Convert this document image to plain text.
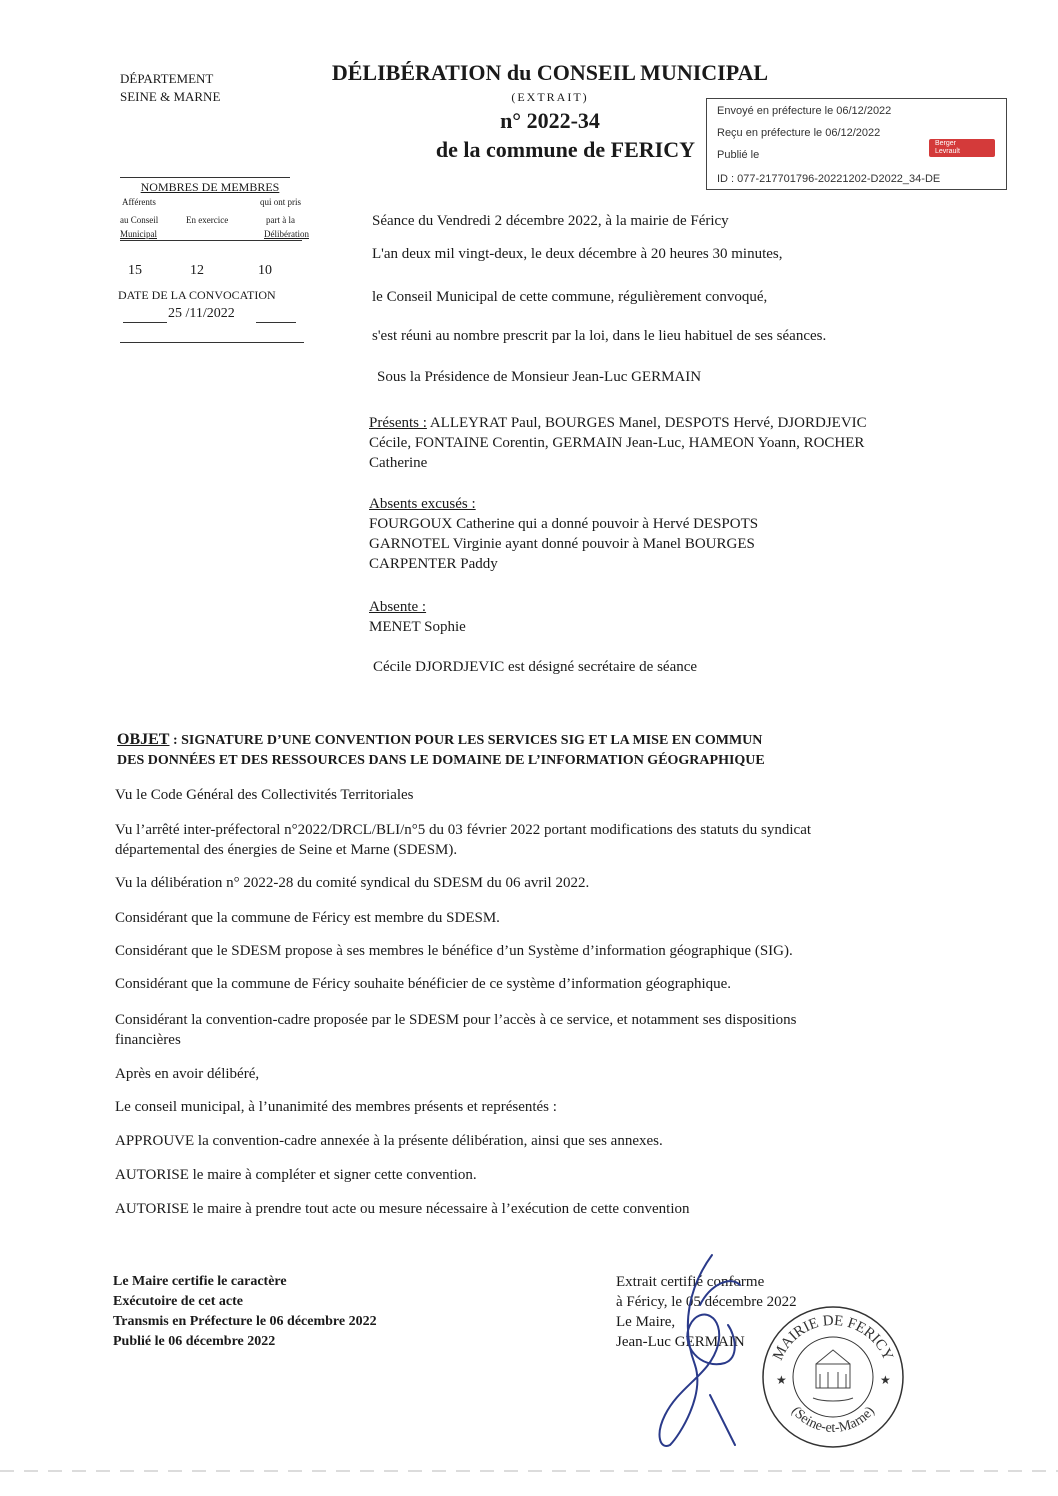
DÉPARTEMENT
SEINE & MARNE
DÉLIBÉRATION du CONSEIL MUNICIPAL
(EXTRAIT)
n° 2022-34
de la commune de FERICY
Envoyé en préfecture le 06/12/2022
Reçu en préfecture le 06/12/2022
Publié le
ID : 077-217701796-20221202-D2022_34-DE
Berger
Levrault
NOMBRES DE MEMBRES
Afférents
au Conseil
Municipal
En exercice
qui ont pris
part à la
Délibération
15	12	10
DATE DE LA CONVOCATION
25 /11/2022
Séance du Vendredi 2 décembre 2022, à la mairie de Féricy
L'an deux mil vingt-deux, le deux décembre à 20 heures 30 minutes,
le Conseil Municipal de cette commune, régulièrement convoqué,
s'est réuni au nombre prescrit par la loi, dans le lieu habituel de ses séances.
Sous la Présidence de Monsieur Jean-Luc GERMAIN
Présents : ALLEYRAT Paul, BOURGES Manel, DESPOTS Hervé, DJORDJEVIC
Cécile, FONTAINE Corentin, GERMAIN Jean-Luc, HAMEON Yoann, ROCHER
Catherine
Absents excusés :
FOURGOUX Catherine qui a donné pouvoir à Hervé DESPOTS
GARNOTEL Virginie ayant donné pouvoir à Manel BOURGES
CARPENTER Paddy
Absente :
MENET Sophie
Cécile DJORDJEVIC est désigné secrétaire de séance
OBJET : SIGNATURE D’UNE CONVENTION POUR LES SERVICES SIG ET LA MISE EN COMMUN
DES DONNÉES ET DES RESSOURCES DANS LE DOMAINE DE L’INFORMATION GÉOGRAPHIQUE
Vu le Code Général des Collectivités Territoriales
Vu l’arrêté inter-préfectoral n°2022/DRCL/BLI/n°5 du 03 février 2022 portant modifications des statuts du syndicat
départemental des énergies de Seine et Marne (SDESM).
Vu la délibération n° 2022-28 du comité syndical du SDESM du 06 avril 2022.
Considérant que la commune de Féricy est membre du SDESM.
Considérant que le SDESM propose à ses membres le bénéfice d’un Système d’information géographique (SIG).
Considérant que la commune de Féricy souhaite bénéficier de ce système d’information géographique.
Considérant la convention-cadre proposée par le SDESM pour l’accès à ce service, et notamment ses dispositions
financières
Après en avoir délibéré,
Le conseil municipal, à l’unanimité des membres présents et représentés :
APPROUVE la convention-cadre annexée à la présente délibération, ainsi que ses annexes.
AUTORISE le maire à compléter et signer cette convention.
AUTORISE le maire à prendre tout acte ou mesure nécessaire à l’exécution de cette convention
Le Maire certifie le caractère
Exécutoire de cet acte
Transmis en Préfecture le 06 décembre 2022
Publié le 06 décembre 2022
Extrait certifié conforme
à Féricy, le 05 décembre 2022
Le Maire,
Jean-Luc GERMAIN
MAIRIE DE FERICY
(Seine-et-Marne)
★	★
